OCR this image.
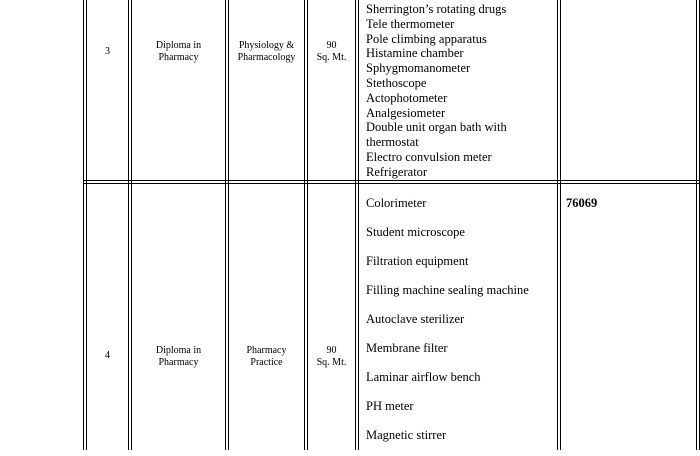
3
Diploma in
Pharmacy
Physiology &
Pharmacology
90
Sq. Mt.
Sherrington’s rotating drugs
Tele thermometer
Pole climbing apparatus
Histamine chamber
Sphygmomanometer
Stethoscope
Actophotometer
Analgesiometer
Double unit organ bath with
thermostat
Electro convulsion meter
Refrigerator
4	Diploma in
Pharmacy
Pharmacy
Practice
90
Sq. Mt.
Colorimeter
Student microscope
Filtration equipment
Filling machine sealing machine
Autoclave sterilizer
Membrane filter
Laminar airflow bench
PH meter
Magnetic stirrer
76069
